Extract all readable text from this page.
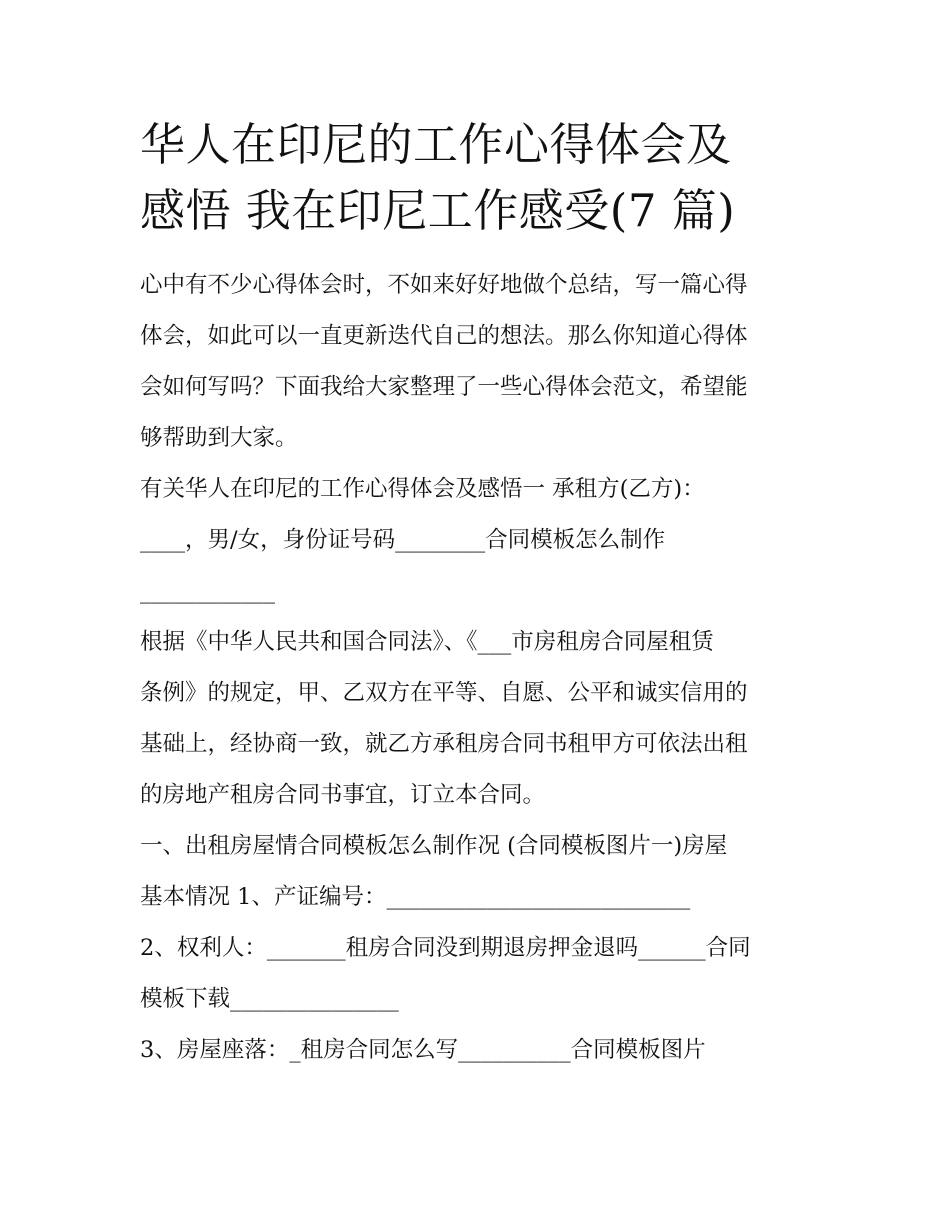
华人在印尼的工作心得体会及
感悟 我在印尼工作感受(7 篇)
心中有不少心得体会时，不如来好好地做个总结，写一篇心得
体会，如此可以一直更新迭代自己的想法。那么你知道心得体
会如何写吗？下面我给大家整理了一些心得体会范文，希望能
够帮助到大家。
有关华人在印尼的工作心得体会及感悟一 承租方(乙方)：
____，男/女，身份证号码________合同模板怎么制作
____________
根据《中华人民共和国合同法》、《___市房租房合同屋租赁
条例》的规定，甲、乙双方在平等、自愿、公平和诚实信用的
基础上，经协商一致，就乙方承租房合同书租甲方可依法出租
的房地产租房合同书事宜，订立本合同。
一、出租房屋情合同模板怎么制作况 (合同模板图片一)房屋
基本情况 1、产证编号：___________________________
2、权利人：_______租房合同没到期退房押金退吗______合同
模板下载_______________
3、房屋座落：_租房合同怎么写__________合同模板图片
